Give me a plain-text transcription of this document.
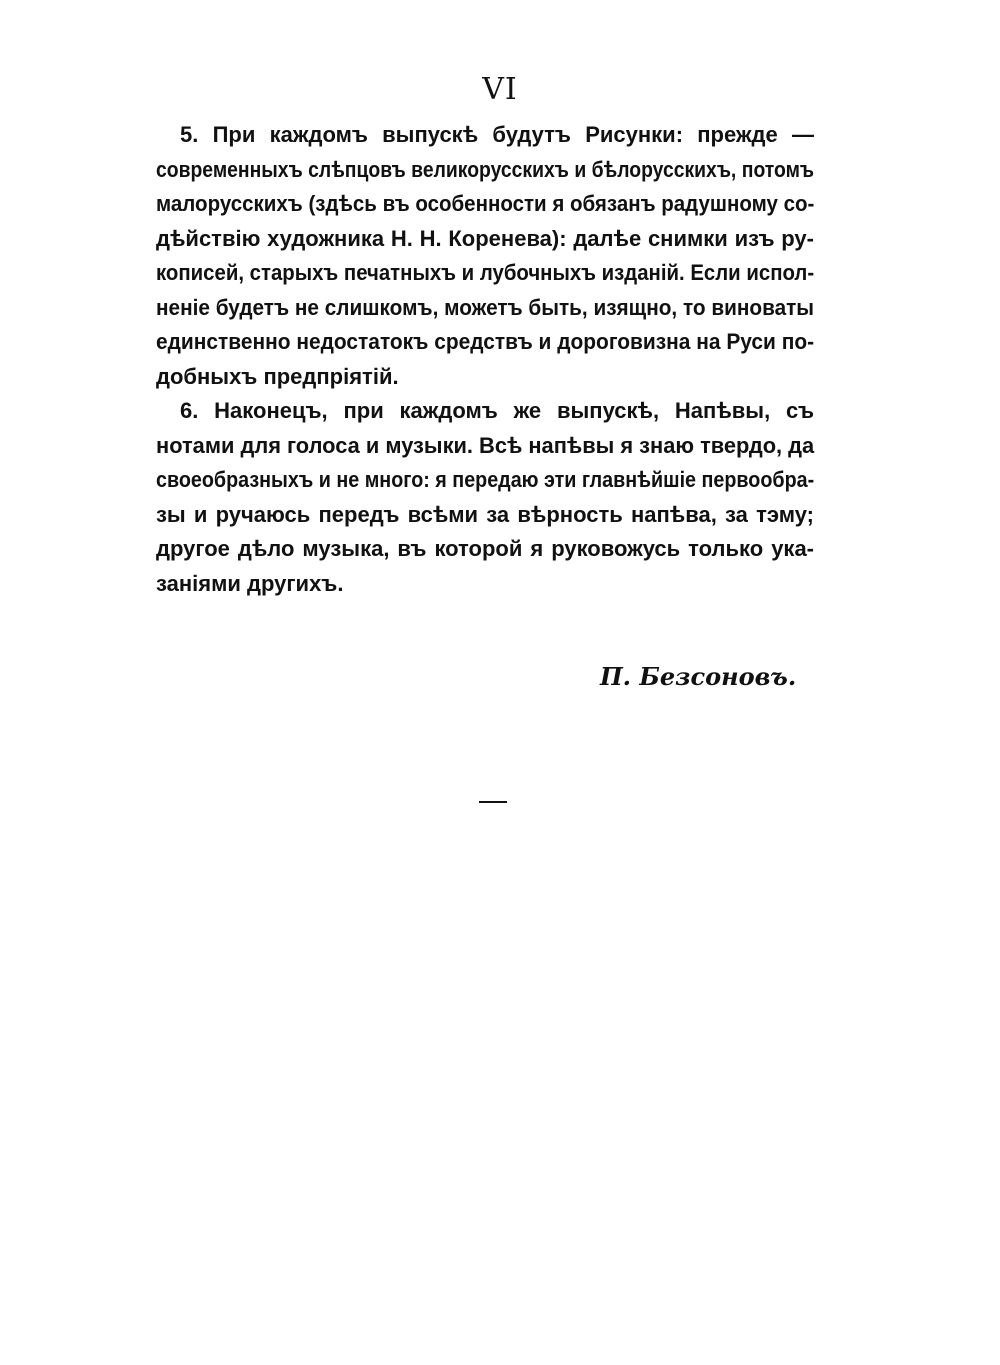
VI

5. При каждомъ выпускѣ будутъ Рисунки: прежде —
современныхъ слѣпцовъ великорусскихъ и бѣлорусскихъ, потомъ
малорусскихъ (здѣсь въ особенности я обязанъ радушному со-
дѣйствію художника Н. Н. Коренева): далѣе снимки изъ ру-
кописей, старыхъ печатныхъ и лубочныхъ изданій. Если испол-
неніе будетъ не слишкомъ, можетъ быть, изящно, то виноваты
единственно недостатокъ средствъ и дороговизна на Руси по-
добныхъ предпріятій.

6. Наконецъ, при каждомъ же выпускѣ, Напѣвы, съ
нотами для голоса и музыки. Всѣ напѣвы я знаю твердо, да
своеобразныхъ и не много: я передаю эти главнѣйшіе первообра-
зы и ручаюсь передъ всѣми за вѣрность напѣва, за тэму;
другое дѣло музыка, въ которой я руковожусь только ука-
заніями другихъ.

П. Безсоновъ.
